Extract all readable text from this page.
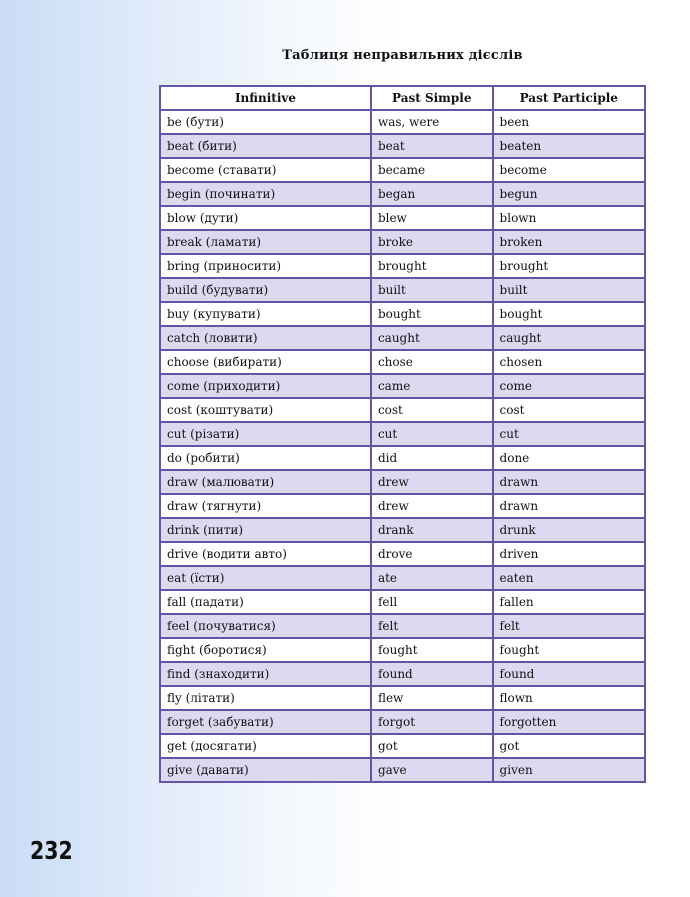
Таблиця неправильних дієслів
Infinitive	Past Simple	Past Participle
be (бути)	was, were	been
beat (бити)	beat	beaten
become (ставати)	became	become
begin (починати)	began	begun
blow (дути)	blew	blown
break (ламати)	broke	broken
bring (приносити)	brought	brought
build (будувати)	built	built
buy (купувати)	bought	bought
catch (ловити)	caught	caught
choose (вибирати)	chose	chosen
come (приходити)	came	come
cost (коштувати)	cost	cost
cut (різати)	cut	cut
do (робити)	did	done
draw (малювати)	drew	drawn
draw (тягнути)	drew	drawn
drink (пити)	drank	drunk
drive (водити авто)	drove	driven
eat (їсти)	ate	eaten
fall (падати)	fell	fallen
feel (почуватися)	felt	felt
fight (боротися)	fought	fought
find (знаходити)	found	found
fly (літати)	flew	flown
forget (забувати)	forgot	forgotten
get (досягати)	got	got
give (давати)	gave	given
232
